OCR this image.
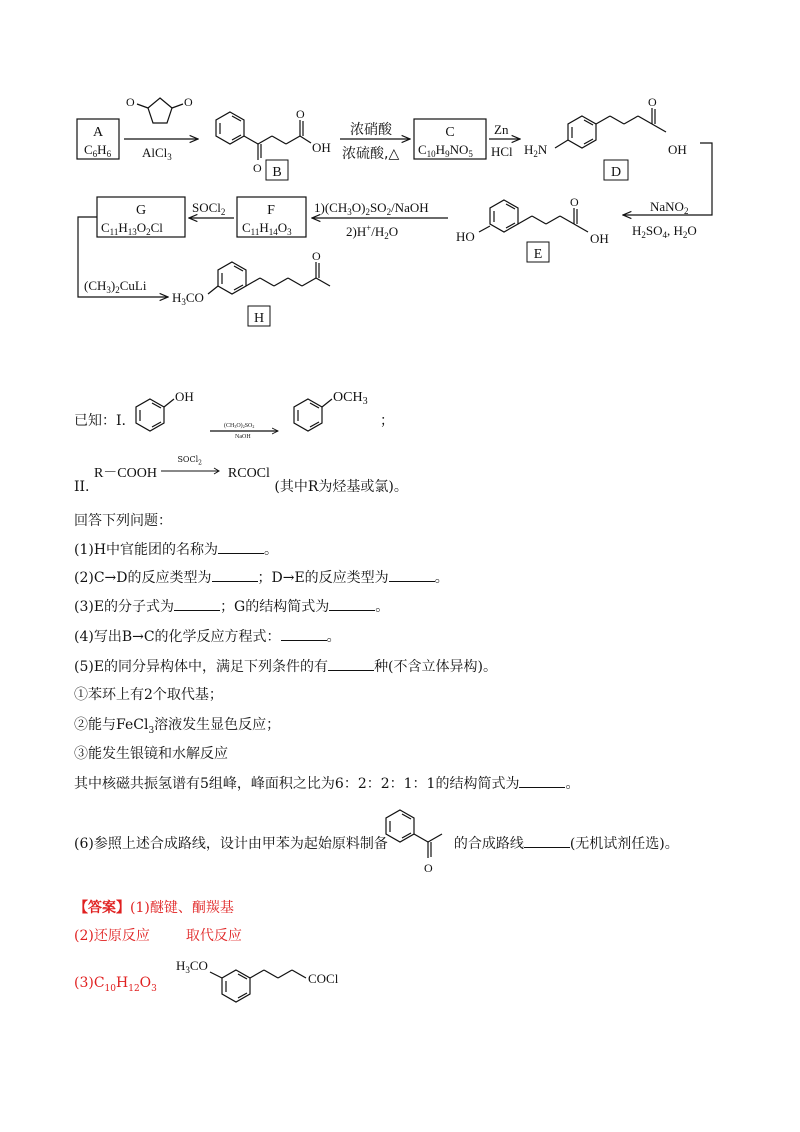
A
$C_6H_6$
O	O
AlCl$_3$
O
O
OH
B
浓硝酸
浓硫酸,△
C
$C_{10}H_9NO_5$
Zn
HCl $H_2N$
O
OH
D
NaNO$_2$
$H_2SO_4$, $H_2O$
HO
O
OH
E
$1)(CH_3O)_2SO_2$/NaOH
$2)H^+/H_2O$
F
$C_{11}H_{14}O_3$
SOCl$_2$
G
$C_{11}H_{13}O_2Cl$
$(CH_3)_2CuLi$
$H_3CO$
O
H
已知：I.
OH
(CH3O)2SO2
NaOH
$OCH_3$
；
II. R－COOH
SOCl$_2$
RCOCl (其中R为烃基或氯)。
回答下列问题：
(1)H中官能团的名称为	。
(2)C→D的反应类型为	；D→E的反应类型为	。
(3)E的分子式为	；G的结构简式为	。
(4)写出B→C的化学反应方程式：	。
(5)E的同分异构体中，满足下列条件的有	种(不含立体异构)。
①苯环上有2个取代基；
②能与FeCl$_3$溶液发生显色反应；
③能发生银镜和水解反应
其中核磁共振氢谱有5组峰，峰面积之比为6：2：2：1：1的结构简式为	。
(6)参照上述合成路线，设计由甲苯为起始原料制备	的合成路线	(无机试剂任选)。
O
【答案】(1)醚键、酮羰基
(2)还原反应	取代反应
$(3)C_{10}H_{12}O_3$
$H_3CO$
COCl
